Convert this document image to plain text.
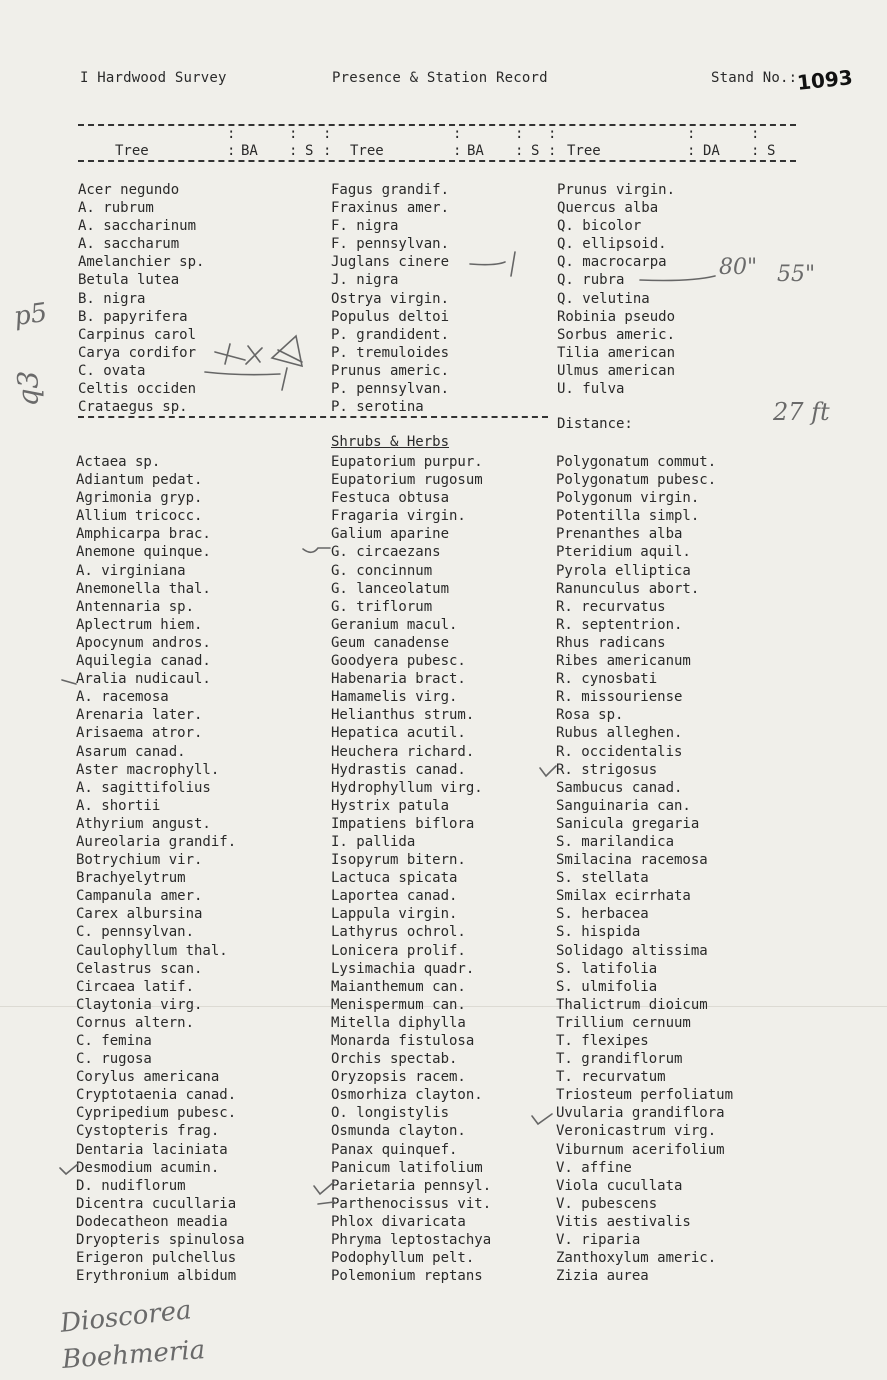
I Hardwood Survey	Presence & Station Record	Stand No.:
1093
:	: :	:	: :	:	:
Tree	: BA : S : Tree	: BA : S : Tree	: DA : S
Acer negundo
A. rubrum
A. saccharinum
A. saccharum
Amelanchier sp.
Betula lutea
B. nigra
B. papyrifera
Carpinus carol
Carya cordifor
C. ovata
Celtis occiden
Crataegus sp.
Fagus grandif.
Fraxinus amer.
F. nigra
F. pennsylvan.
Juglans cinere
J. nigra
Ostrya virgin.
Populus deltoi
P. grandident.
P. tremuloides
Prunus americ.
P. pennsylvan.
P. serotina
Prunus virgin.
Quercus alba
Q. bicolor
Q. ellipsoid.
Q. macrocarpa
Q. rubra
Q. velutina
Robinia pseudo
Sorbus americ.
Tilia american
Ulmus american
U. fulva
Distance:
Shrubs & Herbs
Actaea sp.
Adiantum pedat.
Agrimonia gryp.
Allium tricocc.
Amphicarpa brac.
Anemone quinque.
A. virginiana
Anemonella thal.
Antennaria sp.
Aplectrum hiem.
Apocynum andros.
Aquilegia canad.
Aralia nudicaul.
A. racemosa
Arenaria later.
Arisaema atror.
Asarum canad.
Aster macrophyll.
A. sagittifolius
A. shortii
Athyrium angust.
Aureolaria grandif.
Botrychium vir.
Brachyelytrum
Campanula amer.
Carex albursina
C. pennsylvan.
Caulophyllum thal.
Celastrus scan.
Circaea latif.
Claytonia virg.
Cornus altern.
C. femina
C. rugosa
Corylus americana
Cryptotaenia canad.
Cypripedium pubesc.
Cystopteris frag.
Dentaria laciniata
Desmodium acumin.
D. nudiflorum
Dicentra cucullaria
Dodecatheon meadia
Dryopteris spinulosa
Erigeron pulchellus
Erythronium albidum
Eupatorium purpur.
Eupatorium rugosum
Festuca obtusa
Fragaria virgin.
Galium aparine
G. circaezans
G. concinnum
G. lanceolatum
G. triflorum
Geranium macul.
Geum canadense
Goodyera pubesc.
Habenaria bract.
Hamamelis virg.
Helianthus strum.
Hepatica acutil.
Heuchera richard.
Hydrastis canad.
Hydrophyllum virg.
Hystrix patula
Impatiens biflora
I. pallida
Isopyrum bitern.
Lactuca spicata
Laportea canad.
Lappula virgin.
Lathyrus ochrol.
Lonicera prolif.
Lysimachia quadr.
Maianthemum can.
Menispermum can.
Mitella diphylla
Monarda fistulosa
Orchis spectab.
Oryzopsis racem.
Osmorhiza clayton.
O. longistylis
Osmunda clayton.
Panax quinquef.
Panicum latifolium
Parietaria pennsyl.
Parthenocissus vit.
Phlox divaricata
Phryma leptostachya
Podophyllum pelt.
Polemonium reptans
Polygonatum commut.
Polygonatum pubesc.
Polygonum virgin.
Potentilla simpl.
Prenanthes alba
Pteridium aquil.
Pyrola elliptica
Ranunculus abort.
R. recurvatus
R. septentrion.
Rhus radicans
Ribes americanum
R. cynosbati
R. missouriense
Rosa sp.
Rubus alleghen.
R. occidentalis
R. strigosus
Sambucus canad.
Sanguinaria can.
Sanicula gregaria
S. marilandica
Smilacina racemosa
S. stellata
Smilax ecirrhata
S. herbacea
S. hispida
Solidago altissima
S. latifolia
S. ulmifolia
Thalictrum dioicum
Trillium cernuum
T. flexipes
T. grandiflorum
T. recurvatum
Triosteum perfoliatum
Uvularia grandiflora
Veronicastrum virg.
Viburnum acerifolium
V. affine
Viola cucullata
V. pubescens
Vitis aestivalis
V. riparia
Zanthoxylum americ.
Zizia aurea
p5
q3
80" 55"
27 ft
Dioscorea
Boehmeria
